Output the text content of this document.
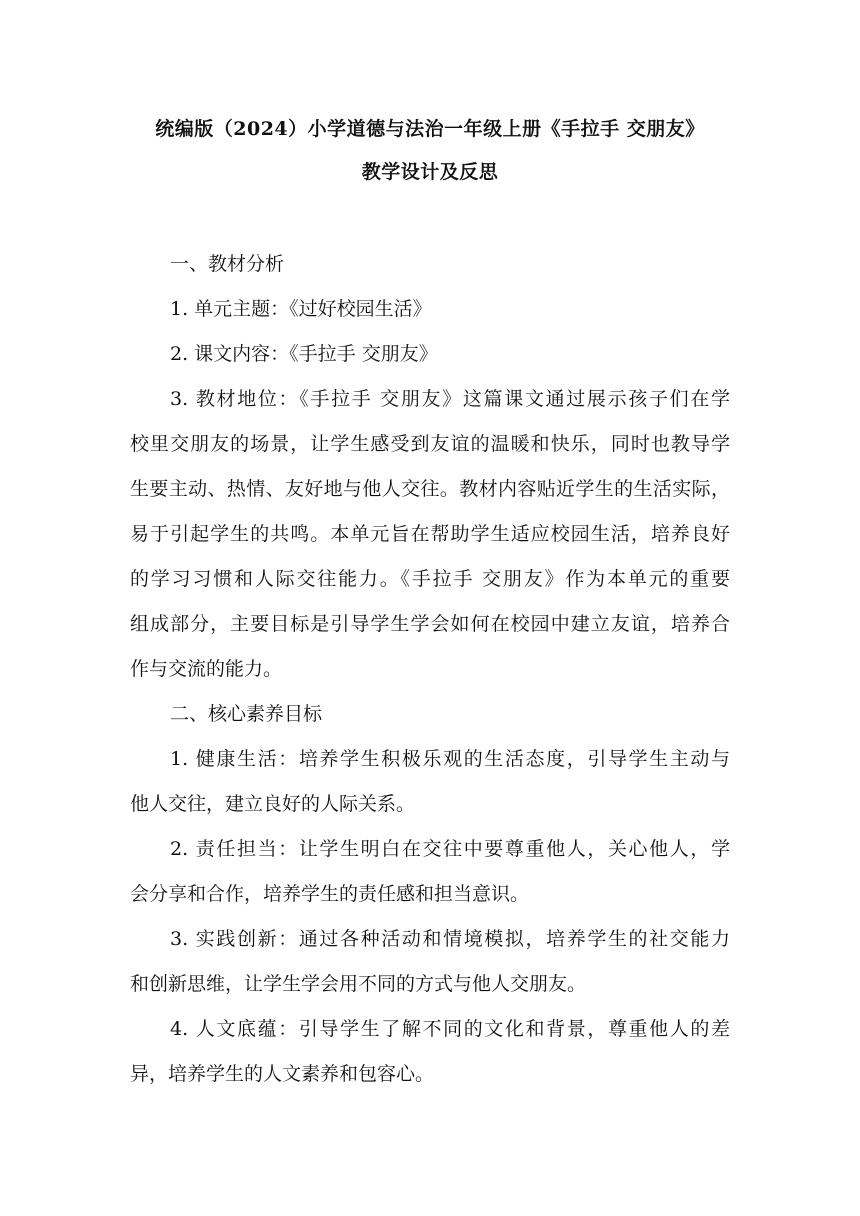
统编版（2024）小学道德与法治一年级上册《手拉手 交朋友》
教学设计及反思
一、教材分析
1. 单元主题：《过好校园生活》
2. 课文内容：《手拉手 交朋友》
3. 教材地位：《手拉手 交朋友》这篇课文通过展示孩子们在学
校里交朋友的场景，让学生感受到友谊的温暖和快乐，同时也教导学
生要主动、热情、友好地与他人交往。教材内容贴近学生的生活实际，
易于引起学生的共鸣。本单元旨在帮助学生适应校园生活，培养良好
的学习习惯和人际交往能力。《手拉手 交朋友》作为本单元的重要
组成部分，主要目标是引导学生学会如何在校园中建立友谊，培养合
作与交流的能力。
二、核心素养目标
1. 健康生活：培养学生积极乐观的生活态度，引导学生主动与
他人交往，建立良好的人际关系。
2. 责任担当：让学生明白在交往中要尊重他人，关心他人，学
会分享和合作，培养学生的责任感和担当意识。
3. 实践创新：通过各种活动和情境模拟，培养学生的社交能力
和创新思维，让学生学会用不同的方式与他人交朋友。
4. 人文底蕴：引导学生了解不同的文化和背景，尊重他人的差
异，培养学生的人文素养和包容心。
